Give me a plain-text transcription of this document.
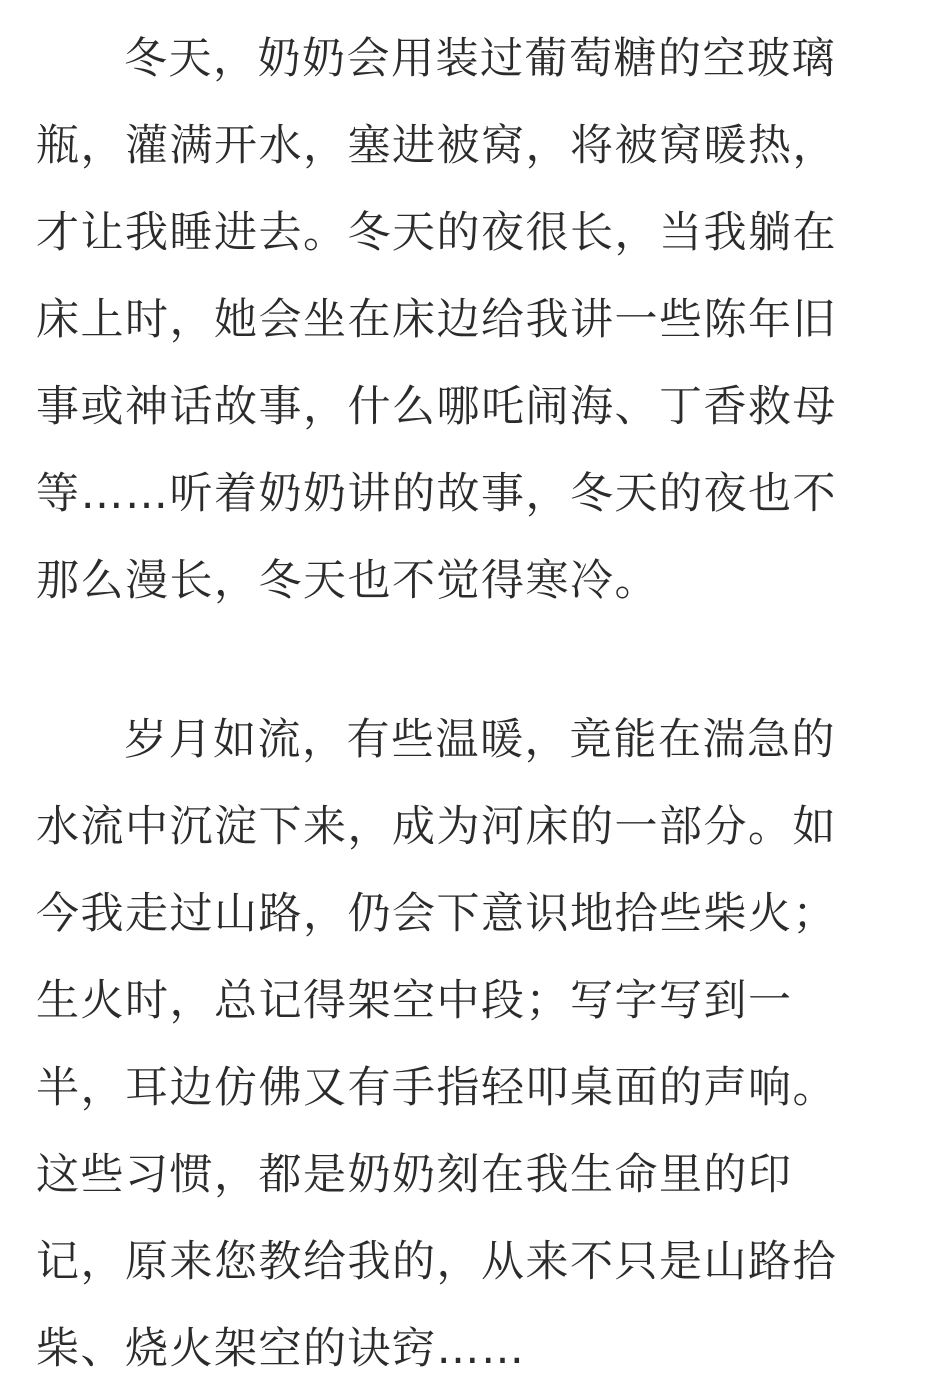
冬天，奶奶会用装过葡萄糖的空玻璃
瓶，灌满开水，塞进被窝，将被窝暖热，
才让我睡进去。冬天的夜很长，当我躺在
床上时，她会坐在床边给我讲一些陈年旧
事或神话故事，什么哪吒闹海、丁香救母
等……听着奶奶讲的故事，冬天的夜也不
那么漫长，冬天也不觉得寒冷。
岁月如流，有些温暖，竟能在湍急的
水流中沉淀下来，成为河床的一部分。如
今我走过山路，仍会下意识地拾些柴火；
生火时，总记得架空中段；写字写到一
半，耳边仿佛又有手指轻叩桌面的声响。
这些习惯，都是奶奶刻在我生命里的印
记，原来您教给我的，从来不只是山路拾
柴、烧火架空的诀窍……
